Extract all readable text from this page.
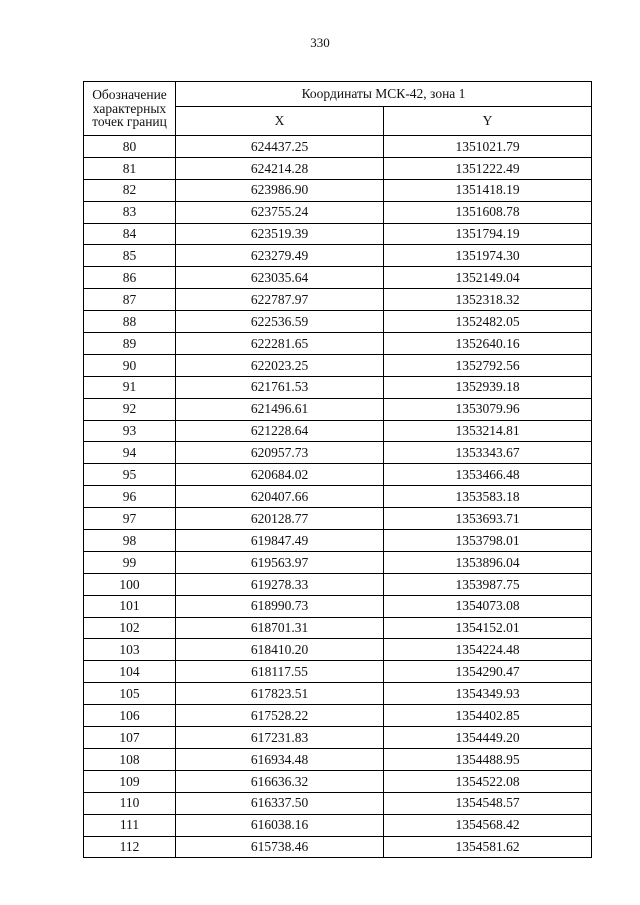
330
Обозначение
характерных
точек границ	Координаты МСК-42, зона 1	
	X	Y
80	624437.25	1351021.79
81	624214.28	1351222.49
82	623986.90	1351418.19
83	623755.24	1351608.78
84	623519.39	1351794.19
85	623279.49	1351974.30
86	623035.64	1352149.04
87	622787.97	1352318.32
88	622536.59	1352482.05
89	622281.65	1352640.16
90	622023.25	1352792.56
91	621761.53	1352939.18
92	621496.61	1353079.96
93	621228.64	1353214.81
94	620957.73	1353343.67
95	620684.02	1353466.48
96	620407.66	1353583.18
97	620128.77	1353693.71
98	619847.49	1353798.01
99	619563.97	1353896.04
100	619278.33	1353987.75
101	618990.73	1354073.08
102	618701.31	1354152.01
103	618410.20	1354224.48
104	618117.55	1354290.47
105	617823.51	1354349.93
106	617528.22	1354402.85
107	617231.83	1354449.20
108	616934.48	1354488.95
109	616636.32	1354522.08
110	616337.50	1354548.57
111	616038.16	1354568.42
112	615738.46	1354581.62
